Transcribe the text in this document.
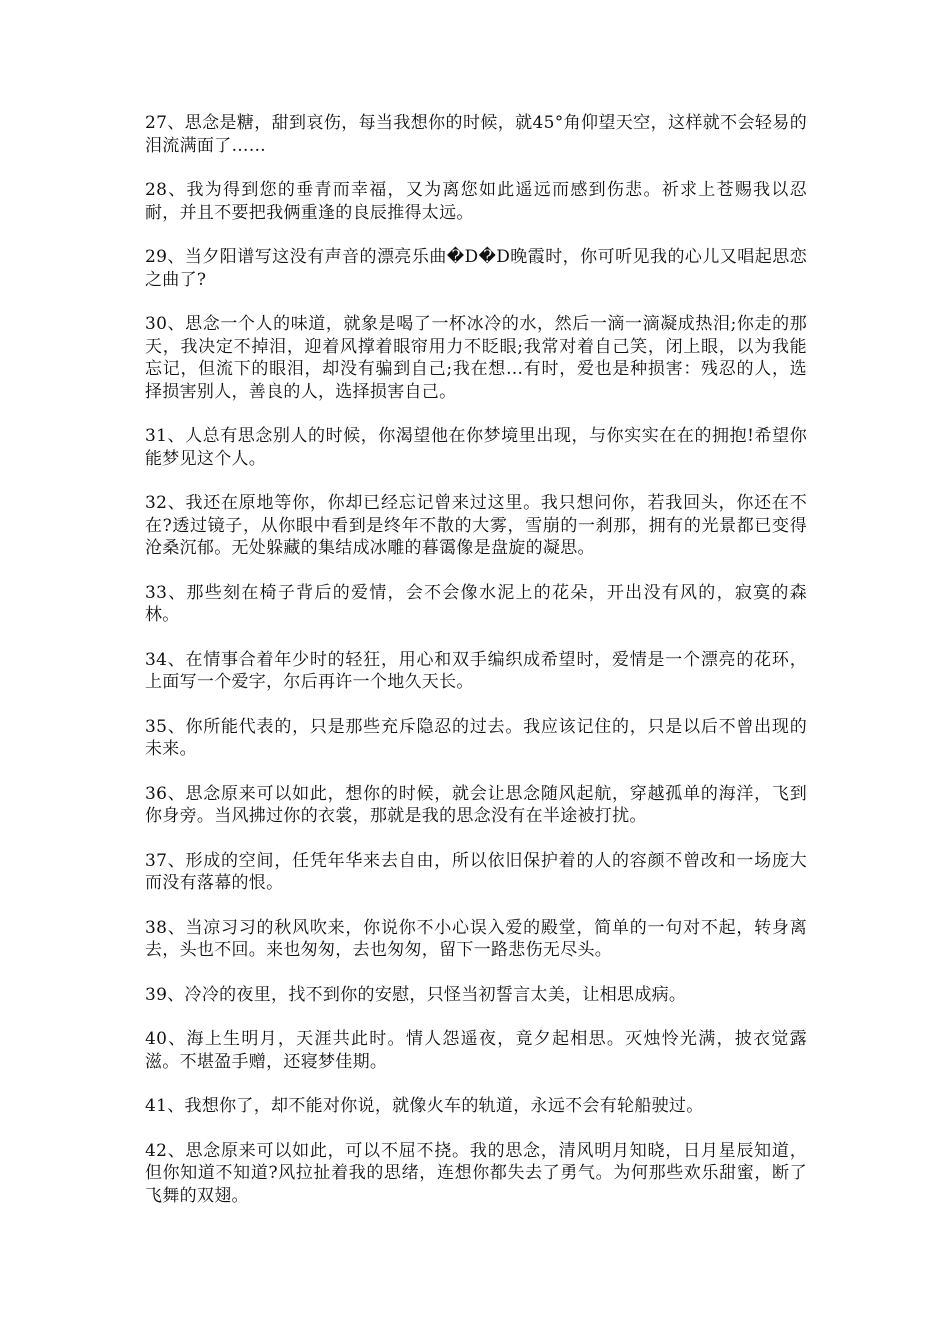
27、思念是糖，甜到哀伤，每当我想你的时候，就45°角仰望天空，这样就不会轻易的泪流满面了……

28、我为得到您的垂青而幸福，又为离您如此遥远而感到伤悲。祈求上苍赐我以忍耐，并且不要把我俩重逢的良辰推得太远。

29、当夕阳谱写这没有声音的漂亮乐曲�D�D晚霞时，你可听见我的心儿又唱起思恋之曲了?

30、思念一个人的味道，就象是喝了一杯冰冷的水，然后一滴一滴凝成热泪;你走的那天，我决定不掉泪，迎着风撑着眼帘用力不眨眼;我常对着自己笑，闭上眼，以为我能忘记，但流下的眼泪，却没有骗到自己;我在想…有时，爱也是种损害：残忍的人，选择损害别人，善良的人，选择损害自己。

31、人总有思念别人的时候，你渴望他在你梦境里出现，与你实实在在的拥抱!希望你能梦见这个人。

32、我还在原地等你，你却已经忘记曾来过这里。我只想问你，若我回头，你还在不在?透过镜子，从你眼中看到是终年不散的大雾，雪崩的一刹那，拥有的光景都已变得沧桑沉郁。无处躲藏的集结成冰雕的暮霭像是盘旋的凝思。

33、那些刻在椅子背后的爱情，会不会像水泥上的花朵，开出没有风的，寂寞的森林。

34、在情事合着年少时的轻狂，用心和双手编织成希望时，爱情是一个漂亮的花环，上面写一个爱字，尔后再许一个地久天长。

35、你所能代表的，只是那些充斥隐忍的过去。我应该记住的，只是以后不曾出现的未来。

36、思念原来可以如此，想你的时候，就会让思念随风起航，穿越孤单的海洋，飞到你身旁。当风拂过你的衣裳，那就是我的思念没有在半途被打扰。

37、形成的空间，任凭年华来去自由，所以依旧保护着的人的容颜不曾改和一场庞大而没有落幕的恨。

38、当凉习习的秋风吹来，你说你不小心误入爱的殿堂，简单的一句对不起，转身离去，头也不回。来也匆匆，去也匆匆，留下一路悲伤无尽头。

39、冷冷的夜里，找不到你的安慰，只怪当初誓言太美，让相思成病。

40、海上生明月，天涯共此时。情人怨遥夜，竟夕起相思。灭烛怜光满，披衣觉露滋。不堪盈手赠，还寝梦佳期。

41、我想你了，却不能对你说，就像火车的轨道，永远不会有轮船驶过。

42、思念原来可以如此，可以不屈不挠。我的思念，清风明月知晓，日月星辰知道，但你知道不知道?风拉扯着我的思绪，连想你都失去了勇气。为何那些欢乐甜蜜，断了飞舞的双翅。
